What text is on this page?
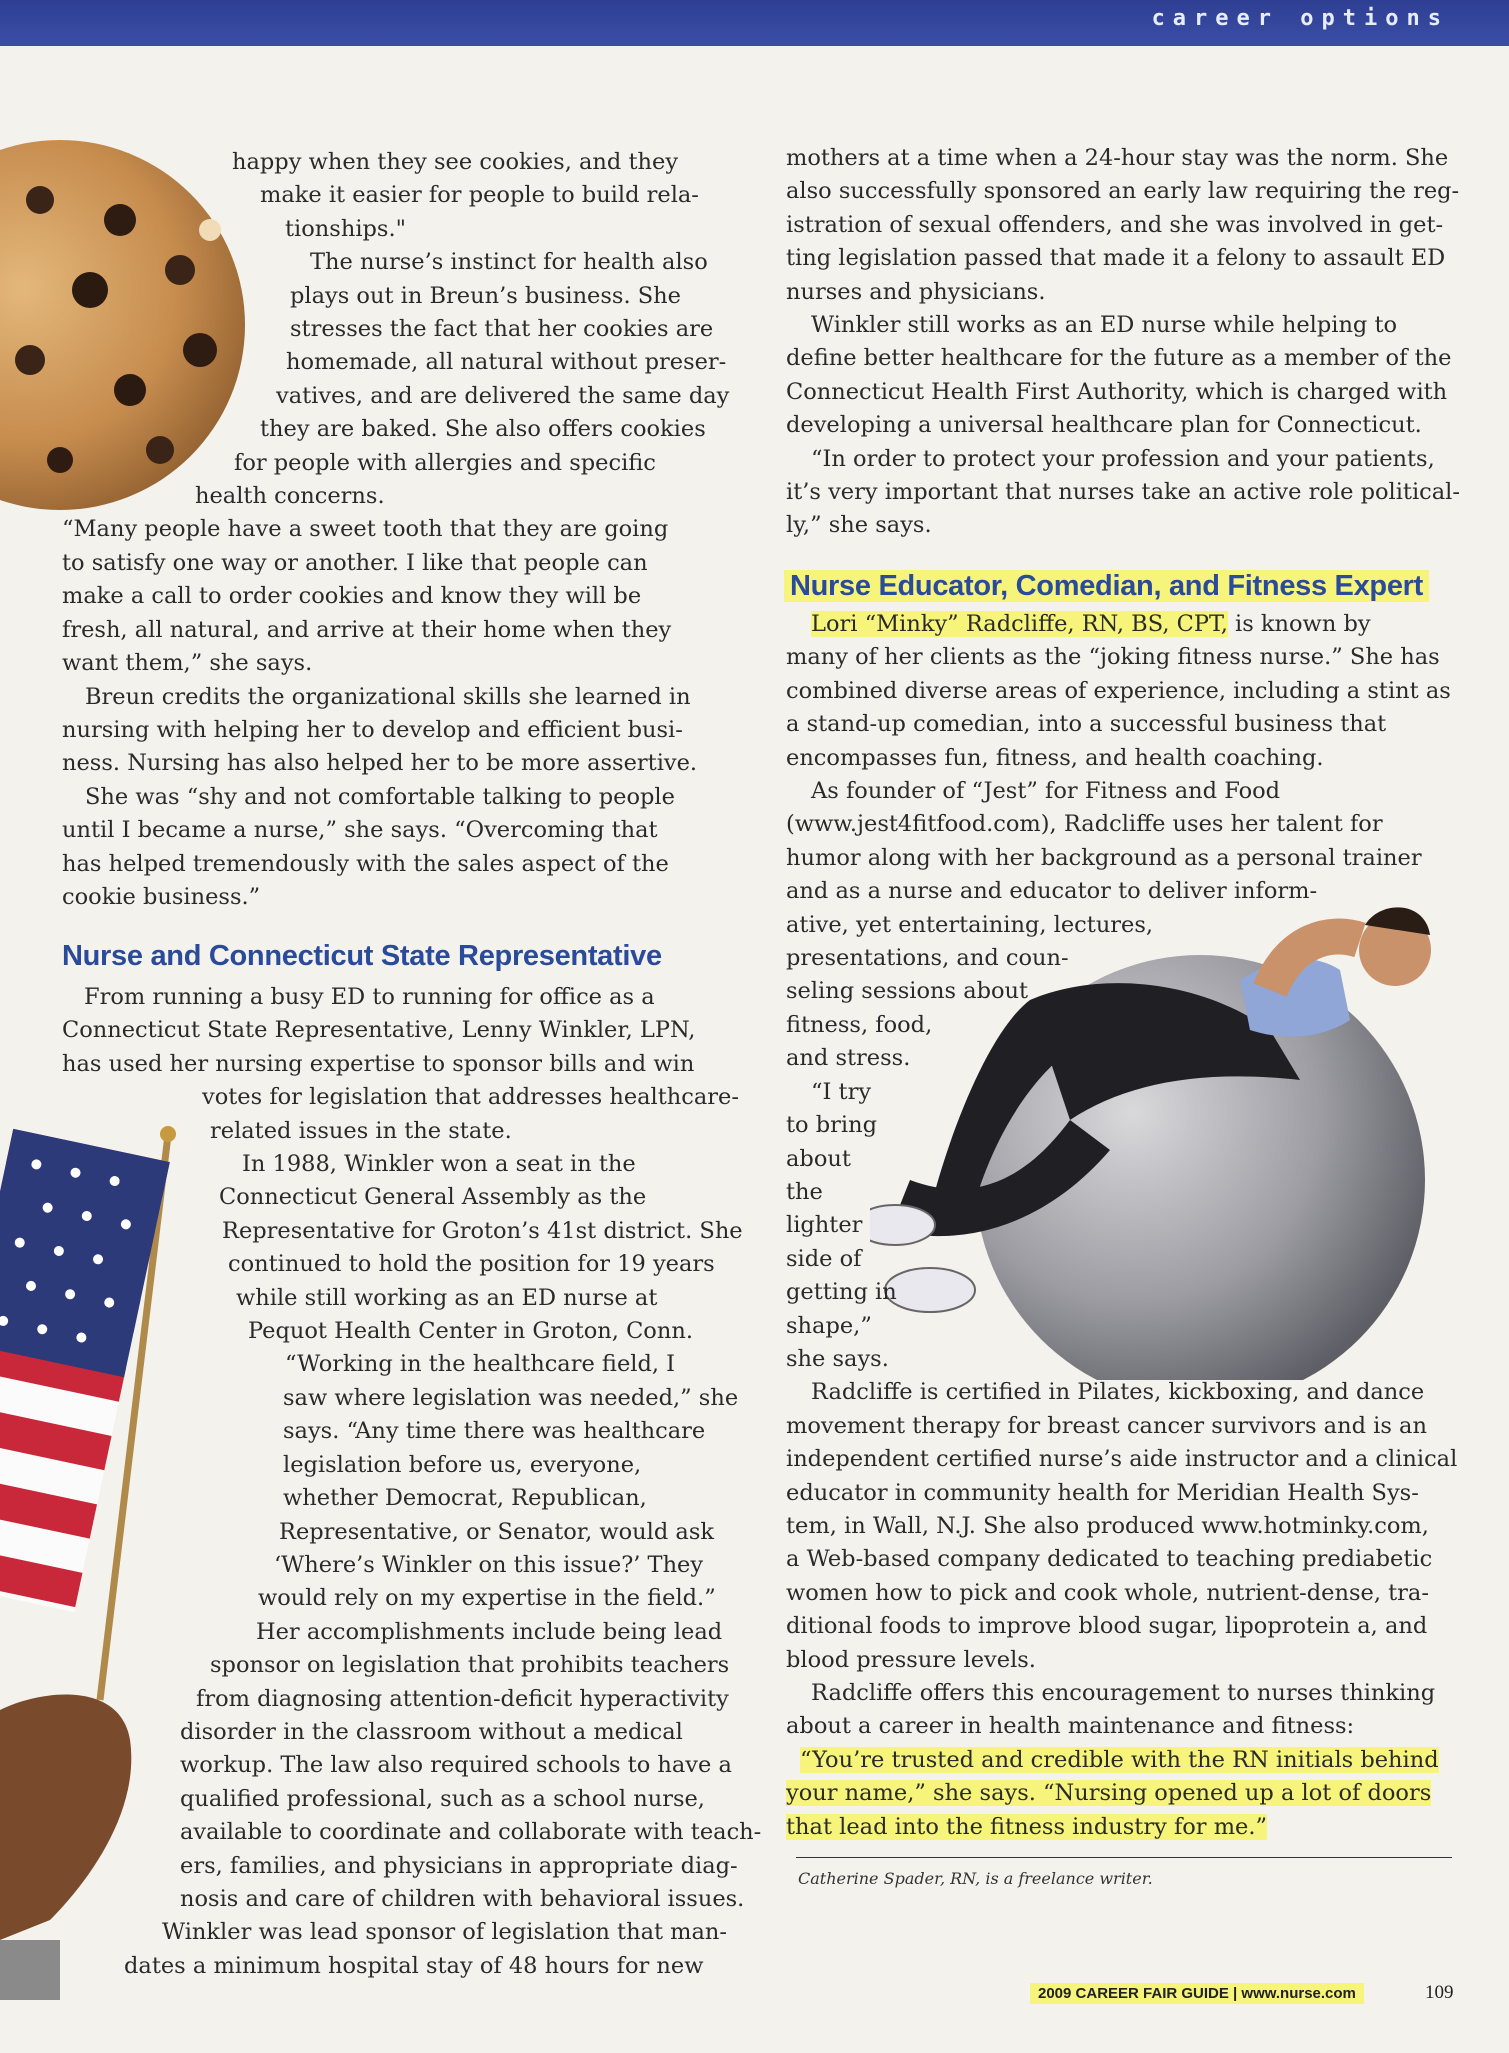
career options
happy when they see cookies, and they
make it easier for people to build rela-
tionships."
The nurse’s instinct for health also
plays out in Breun’s business. She
stresses the fact that her cookies are
homemade, all natural without preser-
vatives, and are delivered the same day
they are baked. She also offers cookies
for people with allergies and specific
health concerns.
“Many people have a sweet tooth that they are going
to satisfy one way or another. I like that people can
make a call to order cookies and know they will be
fresh, all natural, and arrive at their home when they
want them,” she says.
Breun credits the organizational skills she learned in
nursing with helping her to develop and efficient busi-
ness. Nursing has also helped her to be more assertive.
She was “shy and not comfortable talking to people
until I became a nurse,” she says. “Overcoming that
has helped tremendously with the sales aspect of the
cookie business.”
Nurse and Connecticut State Representative
From running a busy ED to running for office as a
Connecticut State Representative, Lenny Winkler, LPN,
has used her nursing expertise to sponsor bills and win
votes for legislation that addresses healthcare-
related issues in the state.
In 1988, Winkler won a seat in the
Connecticut General Assembly as the
Representative for Groton’s 41st district. She
continued to hold the position for 19 years
while still working as an ED nurse at
Pequot Health Center in Groton, Conn.
“Working in the healthcare field, I
saw where legislation was needed,” she
says. “Any time there was healthcare
legislation before us, everyone,
whether Democrat, Republican,
Representative, or Senator, would ask
‘Where’s Winkler on this issue?’ They
would rely on my expertise in the field.”
Her accomplishments include being lead
sponsor on legislation that prohibits teachers
from diagnosing attention-deficit hyperactivity
disorder in the classroom without a medical
workup. The law also required schools to have a
qualified professional, such as a school nurse,
available to coordinate and collaborate with teach-
ers, families, and physicians in appropriate diag-
nosis and care of children with behavioral issues.
Winkler was lead sponsor of legislation that man-
dates a minimum hospital stay of 48 hours for new
mothers at a time when a 24-hour stay was the norm. She
also successfully sponsored an early law requiring the reg-
istration of sexual offenders, and she was involved in get-
ting legislation passed that made it a felony to assault ED
nurses and physicians.
Winkler still works as an ED nurse while helping to
define better healthcare for the future as a member of the
Connecticut Health First Authority, which is charged with
developing a universal healthcare plan for Connecticut.
“In order to protect your profession and your patients,
it’s very important that nurses take an active role political-
ly,” she says.
Nurse Educator, Comedian, and Fitness Expert
Lori “Minky” Radcliffe, RN, BS, CPT, is known by
many of her clients as the “joking fitness nurse.” She has
combined diverse areas of experience, including a stint as
a stand-up comedian, into a successful business that
encompasses fun, fitness, and health coaching.
As founder of “Jest” for Fitness and Food
(www.jest4fitfood.com), Radcliffe uses her talent for
humor along with her background as a personal trainer
and as a nurse and educator to deliver inform-
ative, yet entertaining, lectures,
presentations, and coun-
seling sessions about
fitness, food,
and stress.
“I try
to bring
about
the
lighter
side of
getting in
shape,”
she says.
Radcliffe is certified in Pilates, kickboxing, and dance
movement therapy for breast cancer survivors and is an
independent certified nurse’s aide instructor and a clinical
educator in community health for Meridian Health Sys-
tem, in Wall, N.J. She also produced www.hotminky.com,
a Web-based company dedicated to teaching prediabetic
women how to pick and cook whole, nutrient-dense, tra-
ditional foods to improve blood sugar, lipoprotein a, and
blood pressure levels.
Radcliffe offers this encouragement to nurses thinking
about a career in health maintenance and fitness:
“You’re trusted and credible with the RN initials behind
your name,” she says. “Nursing opened up a lot of doors
that lead into the fitness industry for me.”
Catherine Spader, RN, is a freelance writer.
2009 CAREER FAIR GUIDE | www.nurse.com	109
